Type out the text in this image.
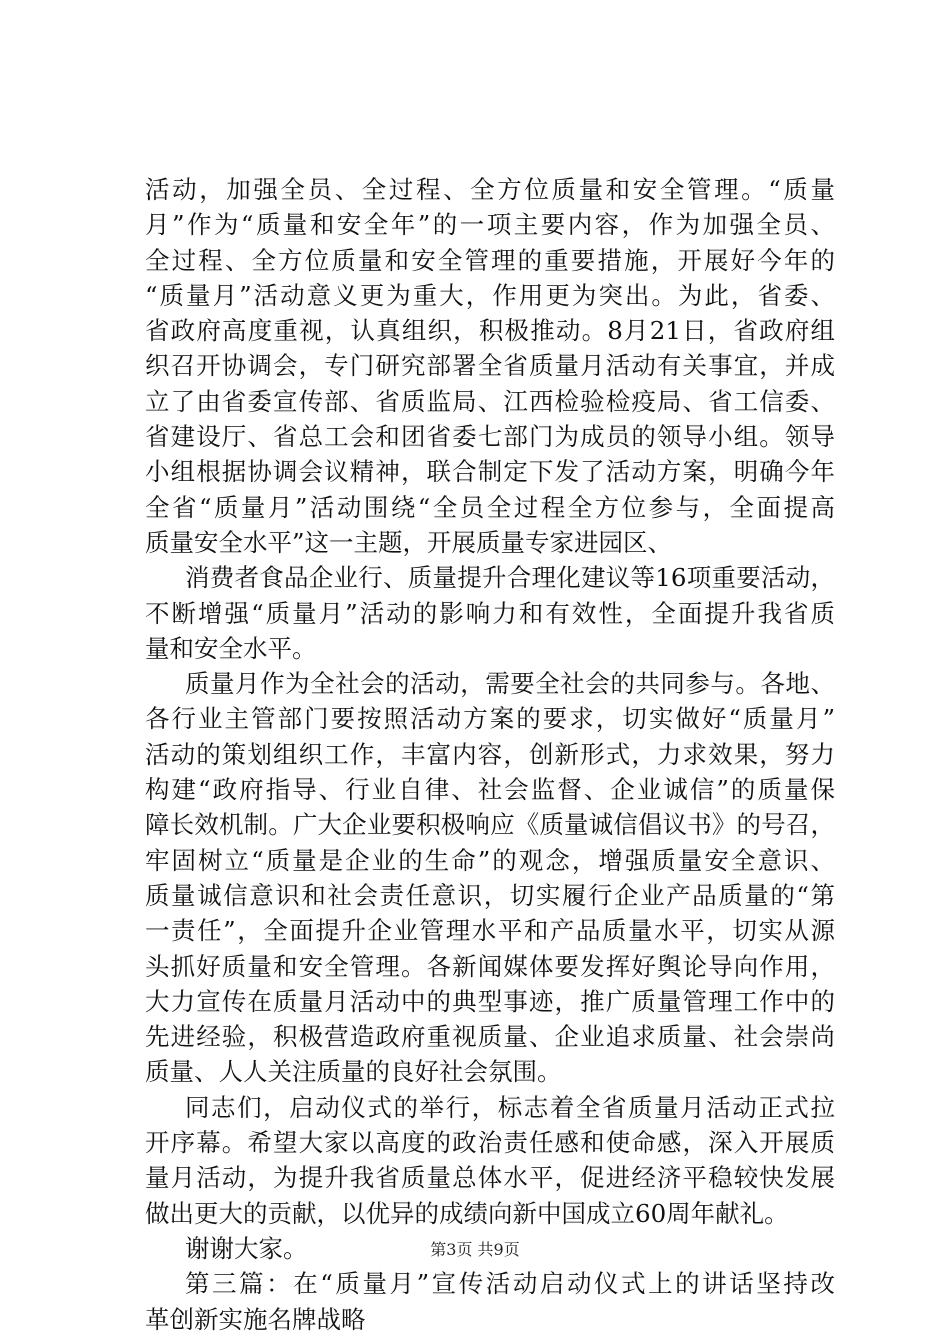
活动，加强全员、全过程、全方位质量和安全管理。“质量
月”作为“质量和安全年”的一项主要内容，作为加强全员、
全过程、全方位质量和安全管理的重要措施，开展好今年的
“质量月”活动意义更为重大，作用更为突出。为此，省委、
省政府高度重视，认真组织，积极推动。8月21日，省政府组
织召开协调会，专门研究部署全省质量月活动有关事宜，并成
立了由省委宣传部、省质监局、江西检验检疫局、省工信委、
省建设厅、省总工会和团省委七部门为成员的领导小组。领导
小组根据协调会议精神，联合制定下发了活动方案，明确今年
全省“质量月”活动围绕“全员全过程全方位参与，全面提高
质量安全水平”这一主题，开展质量专家进园区、
消费者食品企业行、质量提升合理化建议等16项重要活动，
不断增强“质量月”活动的影响力和有效性，全面提升我省质
量和安全水平。
质量月作为全社会的活动，需要全社会的共同参与。各地、
各行业主管部门要按照活动方案的要求，切实做好“质量月”
活动的策划组织工作，丰富内容，创新形式，力求效果，努力
构建“政府指导、行业自律、社会监督、企业诚信”的质量保
障长效机制。广大企业要积极响应《质量诚信倡议书》的号召，
牢固树立“质量是企业的生命”的观念，增强质量安全意识、
质量诚信意识和社会责任意识，切实履行企业产品质量的“第
一责任”，全面提升企业管理水平和产品质量水平，切实从源
头抓好质量和安全管理。各新闻媒体要发挥好舆论导向作用，
大力宣传在质量月活动中的典型事迹，推广质量管理工作中的
先进经验，积极营造政府重视质量、企业追求质量、社会崇尚
质量、人人关注质量的良好社会氛围。
同志们，启动仪式的举行，标志着全省质量月活动正式拉
开序幕。希望大家以高度的政治责任感和使命感，深入开展质
量月活动，为提升我省质量总体水平，促进经济平稳较快发展
做出更大的贡献，以优异的成绩向新中国成立60周年献礼。
谢谢大家。
第三篇：在“质量月”宣传活动启动仪式上的讲话坚持改
革创新实施名牌战略
第3页 共9页
